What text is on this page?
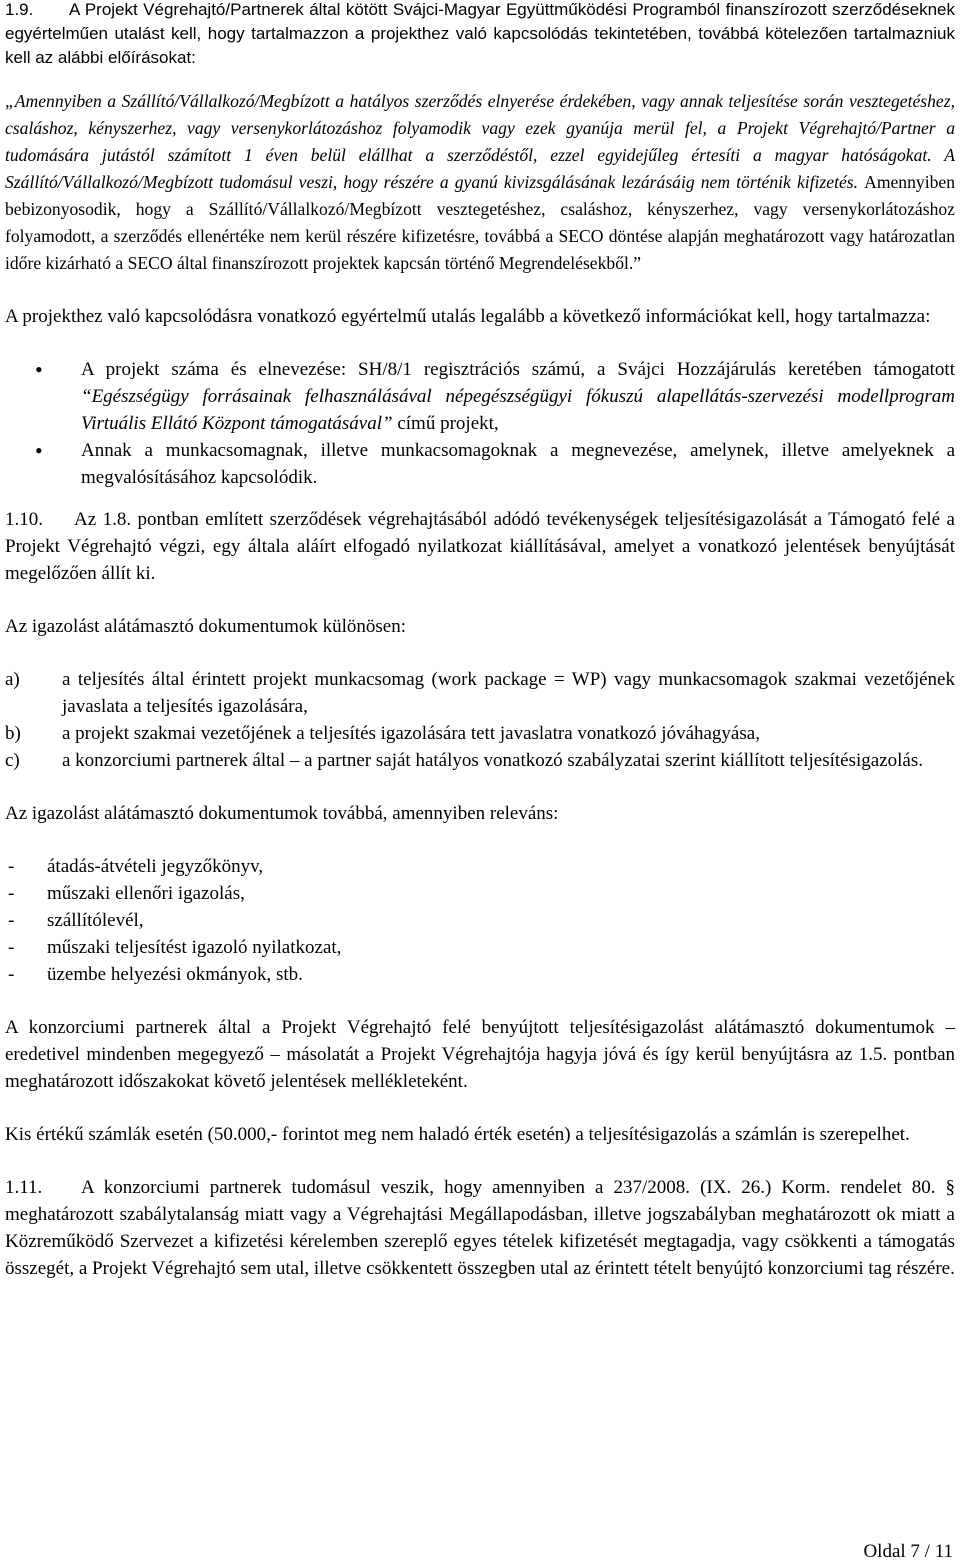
1.9. A Projekt Végrehajtó/Partnerek által kötött Svájci-Magyar Együttműködési Programból finanszírozott szerződéseknek egyértelműen utalást kell, hogy tartalmazzon a projekthez való kapcsolódás tekintetében, továbbá kötelezően tartalmazniuk kell az alábbi előírásokat:

„Amennyiben a Szállító/Vállalkozó/Megbízott a hatályos szerződés elnyerése érdekében, vagy annak teljesítése során vesztegetéshez, csaláshoz, kényszerhez, vagy versenykorlátozáshoz folyamodik vagy ezek gyanúja merül fel, a Projekt Végrehajtó/Partner a tudomására jutástól számított 1 éven belül elállhat a szerződéstől, ezzel egyidejűleg értesíti a magyar hatóságokat. A Szállító/Vállalkozó/Megbízott tudomásul veszi, hogy részére a gyanú kivizsgálásának lezárásáig nem történik kifizetés. Amennyiben bebizonyosodik, hogy a Szállító/Vállalkozó/Megbízott vesztegetéshez, csaláshoz, kényszerhez, vagy versenykorlátozáshoz folyamodott, a szerződés ellenértéke nem kerül részére kifizetésre, továbbá a SECO döntése alapján meghatározott vagy határozatlan időre kizárható a SECO által finanszírozott projektek kapcsán történő Megrendelésekből.”

A projekthez való kapcsolódásra vonatkozó egyértelmű utalás legalább a következő információkat kell, hogy tartalmazza:

• A projekt száma és elnevezése: SH/8/1 regisztrációs számú, a Svájci Hozzájárulás keretében támogatott “Egészségügy forrásainak felhasználásával népegészségügyi fókuszú alapellátás-szervezési modellprogram Virtuális Ellátó Központ támogatásával” című projekt,
• Annak a munkacsomagnak, illetve munkacsomagoknak a megnevezése, amelynek, illetve amelyeknek a megvalósításához kapcsolódik.

1.10. Az 1.8. pontban említett szerződések végrehajtásából adódó tevékenységek teljesítésigazolását a Támogató felé a Projekt Végrehajtó végzi, egy általa aláírt elfogadó nyilatkozat kiállításával, amelyet a vonatkozó jelentések benyújtását megelőzően állít ki.

Az igazolást alátámasztó dokumentumok különösen:

a) a teljesítés által érintett projekt munkacsomag (work package = WP) vagy munkacsomagok szakmai vezetőjének javaslata a teljesítés igazolására,
b) a projekt szakmai vezetőjének a teljesítés igazolására tett javaslatra vonatkozó jóváhagyása,
c) a konzorciumi partnerek által – a partner saját hatályos vonatkozó szabályzatai szerint kiállított teljesítésigazolás.

Az igazolást alátámasztó dokumentumok továbbá, amennyiben releváns:

- átadás-átvételi jegyzőkönyv,
- műszaki ellenőri igazolás,
- szállítólevél,
- műszaki teljesítést igazoló nyilatkozat,
- üzembe helyezési okmányok, stb.

A konzorciumi partnerek által a Projekt Végrehajtó felé benyújtott teljesítésigazolást alátámasztó dokumentumok – eredetivel mindenben megegyező – másolatát a Projekt Végrehajtója hagyja jóvá és így kerül benyújtásra az 1.5. pontban meghatározott időszakokat követő jelentések mellékleteként.

Kis értékű számlák esetén (50.000,- forintot meg nem haladó érték esetén) a teljesítésigazolás a számlán is szerepelhet.

1.11. A konzorciumi partnerek tudomásul veszik, hogy amennyiben a 237/2008. (IX. 26.) Korm. rendelet 80. § meghatározott szabálytalanság miatt vagy a Végrehajtási Megállapodásban, illetve jogszabályban meghatározott ok miatt a Közreműködő Szervezet a kifizetési kérelemben szereplő egyes tételek kifizetését megtagadja, vagy csökkenti a támogatás összegét, a Projekt Végrehajtó sem utal, illetve csökkentett összegben utal az érintett tételt benyújtó konzorciumi tag részére.

Oldal 7 / 11
